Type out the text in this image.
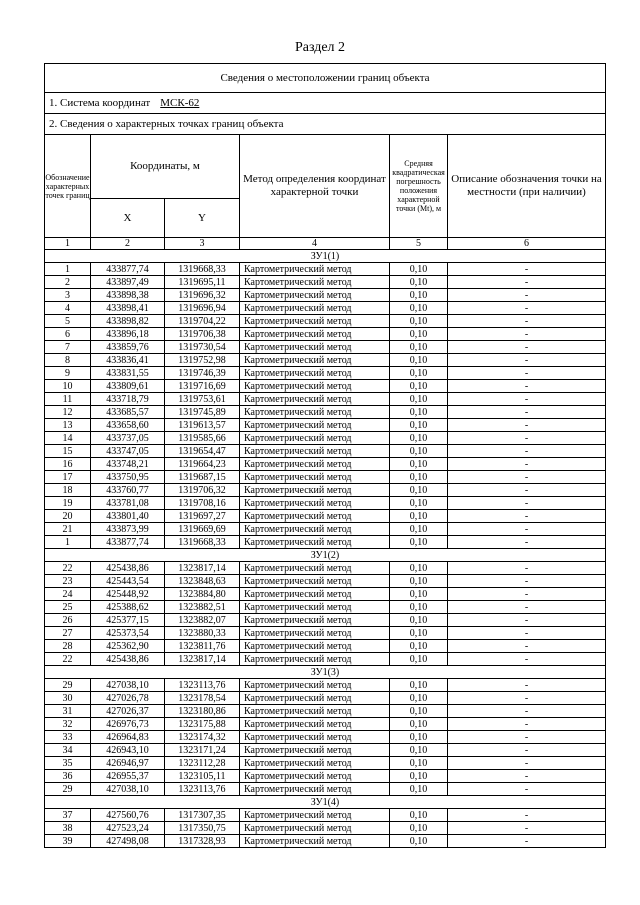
Раздел 2
Сведения о местоположении границ объекта					
1. Система координат МСК-62					
2. Сведения о характерных точках границ объекта					
Обозначение характерных точек границ	Координаты, м		Метод определения координат характерной точки	Средняя квадратическая погрешность положения характерной точки (Mt), м	Описание обозначения точки на местности (при наличии)
	X	Y			
1	2	3	4	5	6
ЗУ1(1)					
1	433877,74	1319668,33	Картометрический метод	0,10	-
2	433897,49	1319695,11	Картометрический метод	0,10	-
3	433898,38	1319696,32	Картометрический метод	0,10	-
4	433898,41	1319696,94	Картометрический метод	0,10	-
5	433898,82	1319704,22	Картометрический метод	0,10	-
6	433896,18	1319706,38	Картометрический метод	0,10	-
7	433859,76	1319730,54	Картометрический метод	0,10	-
8	433836,41	1319752,98	Картометрический метод	0,10	-
9	433831,55	1319746,39	Картометрический метод	0,10	-
10	433809,61	1319716,69	Картометрический метод	0,10	-
11	433718,79	1319753,61	Картометрический метод	0,10	-
12	433685,57	1319745,89	Картометрический метод	0,10	-
13	433658,60	1319613,57	Картометрический метод	0,10	-
14	433737,05	1319585,66	Картометрический метод	0,10	-
15	433747,05	1319654,47	Картометрический метод	0,10	-
16	433748,21	1319664,23	Картометрический метод	0,10	-
17	433750,95	1319687,15	Картометрический метод	0,10	-
18	433760,77	1319706,32	Картометрический метод	0,10	-
19	433781,08	1319708,16	Картометрический метод	0,10	-
20	433801,40	1319697,27	Картометрический метод	0,10	-
21	433873,99	1319669,69	Картометрический метод	0,10	-
1	433877,74	1319668,33	Картометрический метод	0,10	-
ЗУ1(2)					
22	425438,86	1323817,14	Картометрический метод	0,10	-
23	425443,54	1323848,63	Картометрический метод	0,10	-
24	425448,92	1323884,80	Картометрический метод	0,10	-
25	425388,62	1323882,51	Картометрический метод	0,10	-
26	425377,15	1323882,07	Картометрический метод	0,10	-
27	425373,54	1323880,33	Картометрический метод	0,10	-
28	425362,90	1323811,76	Картометрический метод	0,10	-
22	425438,86	1323817,14	Картометрический метод	0,10	-
ЗУ1(3)					
29	427038,10	1323113,76	Картометрический метод	0,10	-
30	427026,78	1323178,54	Картометрический метод	0,10	-
31	427026,37	1323180,86	Картометрический метод	0,10	-
32	426976,73	1323175,88	Картометрический метод	0,10	-
33	426964,83	1323174,32	Картометрический метод	0,10	-
34	426943,10	1323171,24	Картометрический метод	0,10	-
35	426946,97	1323112,28	Картометрический метод	0,10	-
36	426955,37	1323105,11	Картометрический метод	0,10	-
29	427038,10	1323113,76	Картометрический метод	0,10	-
ЗУ1(4)					
37	427560,76	1317307,35	Картометрический метод	0,10	-
38	427523,24	1317350,75	Картометрический метод	0,10	-
39	427498,08	1317328,93	Картометрический метод	0,10	-
